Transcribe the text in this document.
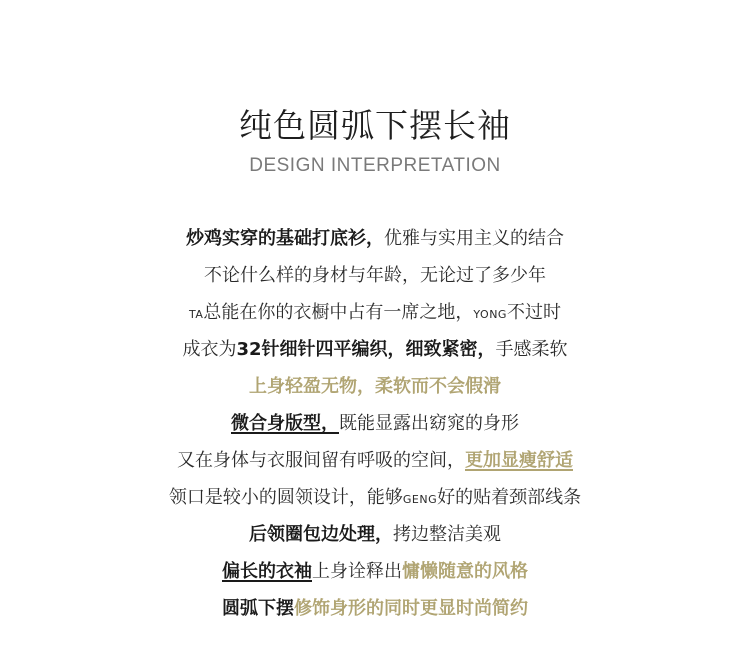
纯色圆弧下摆长袖
DESIGN INTERPRETATION
炒鸡实穿的基础打底衫，优雅与实用主义的结合
不论什么样的身材与年龄，无论过了多少年
TA总能在你的衣橱中占有一席之地，YONG不过时
成衣为32针细针四平编织，细致紧密，手感柔软
上身轻盈无物，柔软而不会假滑
微合身版型，既能显露出窈窕的身形
又在身体与衣服间留有呼吸的空间，更加显瘦舒适
领口是较小的圆领设计，能够GENG好的贴着颈部线条
后领圈包边处理，拷边整洁美观
偏长的衣袖上身诠释出慵懒随意的风格
圆弧下摆修饰身形的同时更显时尚简约
